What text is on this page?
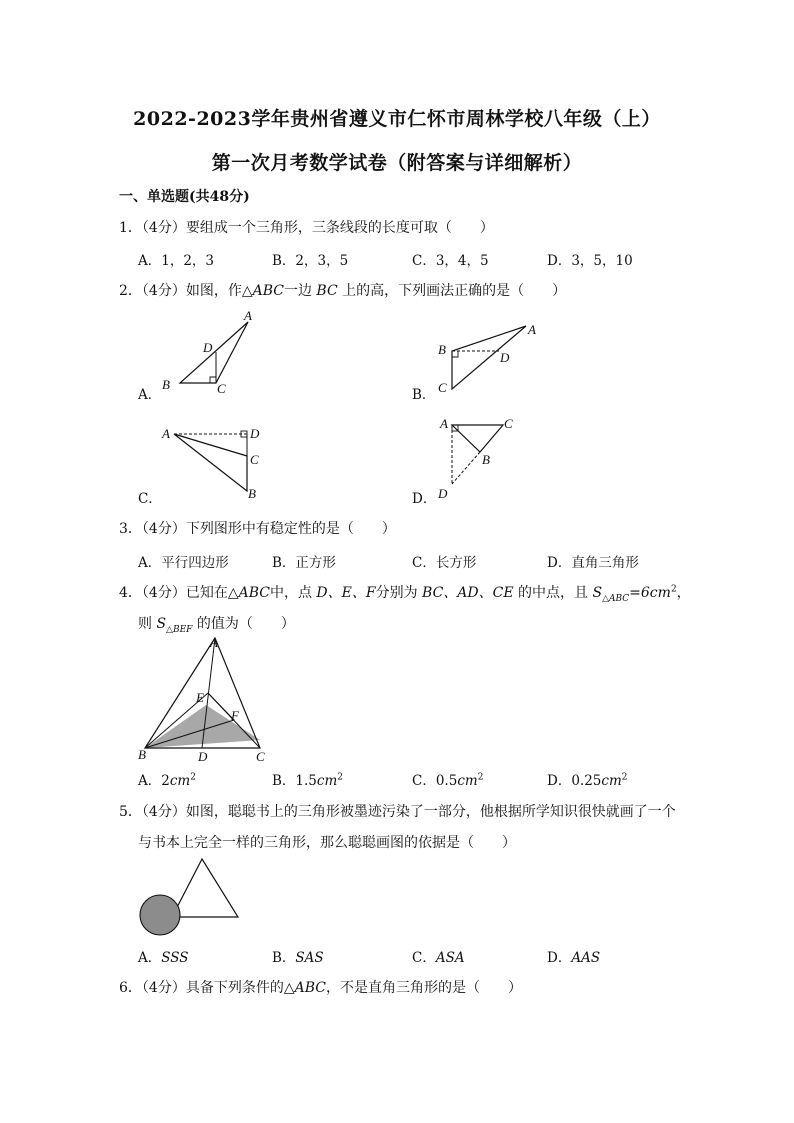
2022-2023学年贵州省遵义市仁怀市周林学校八年级（上）
第一次月考数学试卷（附答案与详细解析）
一、单选题(共48分)
1．（4分）要组成一个三角形，三条线段的长度可取（　　）
A．1，2，3	B．2，3，5	C．3，4，5	D．3，5，10
2．（4分）如图，作△ABC一边 BC 上的高，下列画法正确的是（　　）
A．	B．
C．	D．
A
D
B	C
A
B
D
C
A	D
C
B
A	C
B
D
3．（4分）下列图形中有稳定性的是（　　）
A．平行四边形	B．正方形	C．长方形	D．直角三角形
4．（4分）已知在△ABC中，点 D、E、F分别为 BC、AD、CE 的中点，且 $S_{\triangle ABC}=6cm^2$，
则 $S_{\triangle BEF}$ 的值为（　　）
A
E
F
B	D	C
A．$2cm^2$	B．$1.5cm^2$	C．$0.5cm^2$	D．$0.25cm^2$
5．（4分）如图，聪聪书上的三角形被墨迹污染了一部分，他根据所学知识很快就画了一个
与书本上完全一样的三角形，那么聪聪画图的依据是（　　）
A．SSS	B．SAS	C．ASA	D．AAS
6．（4分）具备下列条件的△ABC，不是直角三角形的是（　　）
